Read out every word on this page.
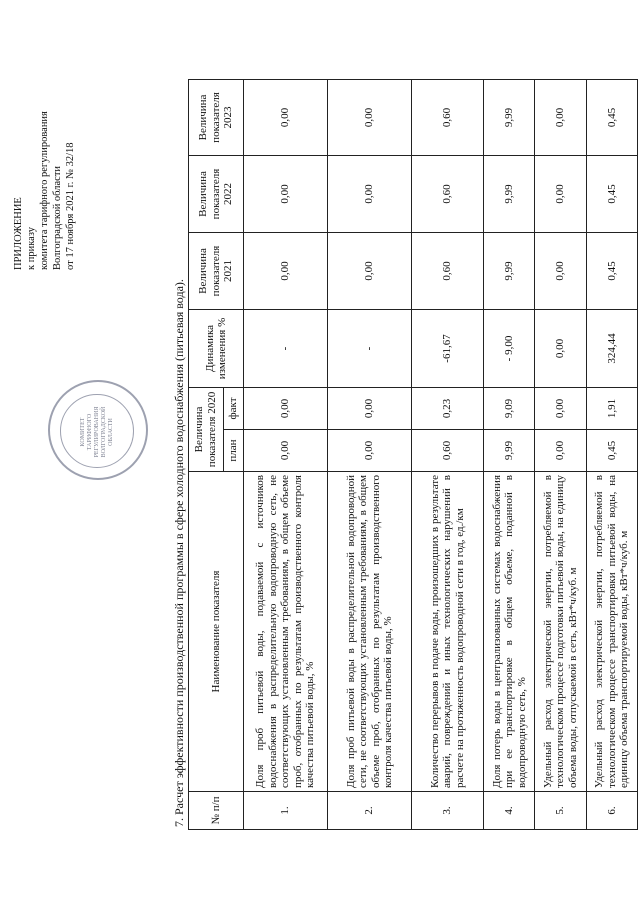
7. Расчет эффективности производственной программы в сфере холодного водоснабжения (питьевая вода).
КОМИТЕТ ТАРИФНОГО РЕГУЛИРОВАНИЯ ВОЛГОГРАДСКОЙ ОБЛАСТИ
ПРИЛОЖЕНИЕ к приказу комитета тарифного регулирования Волгоградской области от 17 ноября 2021 г. № 32/18
№ п/п	Наименование показателя	Величина показателя 2020		Динамика изменения %	Величина показателя 2021	Величина показателя 2022	Величина показателя 2023
		план	факт				
1.	Доля проб питьевой воды, подаваемой с источников водоснабжения в распределительную водопроводную сеть, не соответствующих установленным требованиям, в общем объеме проб, отобранных по результатам производственного контроля качества питьевой воды, %	0,00	0,00	-	0,00	0,00	0,00
2.	Доля проб питьевой воды в распределительной водопроводной сети, не соответствующих установленным требованиям, в общем объеме проб, отобранных по результатам производственного контроля качества питьевой воды, %	0,00	0,00	-	0,00	0,00	0,00
3.	Количество перерывов в подаче воды, произошедших в результате аварий, повреждений и иных технологических нарушений в расчете на протяженность водопроводной сети в год, ед./км	0,60	0,23	-61,67	0,60	0,60	0,60
4.	Доля потерь воды в централизованных системах водоснабжения при ее транспортировке в общем объеме, поданной в водопроводную сеть, %	9,99	9,09	- 9,00	9,99	9,99	9,99
5.	Удельный расход электрической энергии, потребляемой в технологическом процессе подготовки питьевой воды, на единицу объема воды, отпускаемой в сеть, кВт*ч/куб. м	0,00	0,00	0,00	0,00	0,00	0,00
6.	Удельный расход электрической энергии, потребляемой в технологическом процессе транспортировки питьевой воды, на единицу объема транспортируемой воды, кВт*ч/куб. м	0,45	1,91	324,44	0,45	0,45	0,45
